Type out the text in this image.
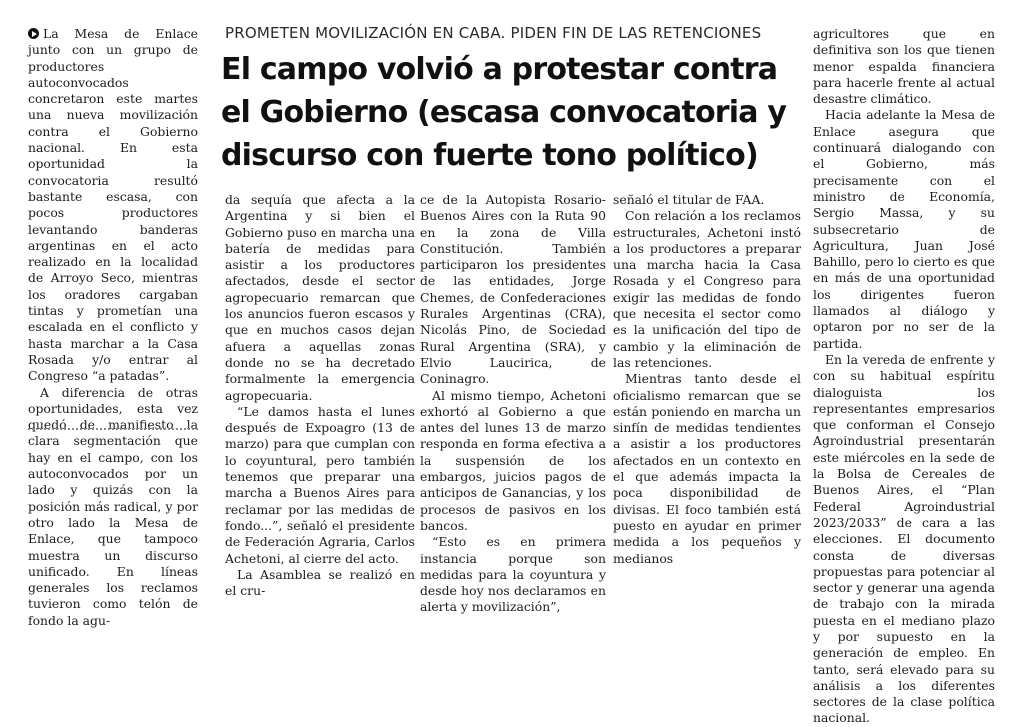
PROMETEN MOVILIZACIÓN EN CABA. PIDEN FIN DE LAS RETENCIONES
El campo volvió a protestar contra el Gobierno (escasa convocatoria y discurso con fuerte tono político)

La Mesa de Enlace junto con un grupo de productores autoconvocados concretaron este martes una nueva movilización contra el Gobierno nacional. En esta oportunidad la convocatoria resultó bastante escasa, con pocos productores levantando banderas argentinas en el acto realizado en la localidad de Arroyo Seco, mientras los oradores cargaban tintas y prometían una escalada en el conflicto y hasta marchar a la Casa Rosada y/o entrar al Congreso “a patadas”.

A diferencia de otras oportunidades, esta vez quedó de manifiesto la clara segmentación que hay en el campo, con los autoconvocados por un lado y quizás con la posición más radical, y por otro lado la Mesa de Enlace, que tampoco muestra un discurso unificado. En líneas generales los reclamos tuvieron como telón de fondo la agu-

da sequía que afecta a la Argentina y si bien el Gobierno puso en marcha una batería de medidas para asistir a los productores afectados, desde el sector agropecuario remarcan que los anuncios fueron escasos y que en muchos casos dejan afuera a aquellas zonas donde no se ha decretado formalmente la emergencia agropecuaria.

“Le damos hasta el lunes después de Expoagro (13 de marzo) para que cumplan con lo coyuntural, pero también tenemos que preparar una marcha a Buenos Aires para reclamar por las medidas de fondo...”, señaló el presidente de Federación Agraria, Carlos Achetoni, al cierre del acto.

La Asamblea se realizó en el cru-

ce de la Autopista Rosario-Buenos Aires con la Ruta 90 en la zona de Villa Constitución. También participaron los presidentes de las entidades, Jorge Chemes, de Confederaciones Rurales Argentinas (CRA), Nicolás Pino, de Sociedad Rural Argentina (SRA), y Elvio Laucirica, de Coninagro.

Al mismo tiempo, Achetoni exhortó al Gobierno a que antes del lunes 13 de marzo responda en forma efectiva a la suspensión de los embargos, juicios pagos de anticipos de Ganancias, y los procesos de pasivos en los bancos.

“Esto es en primera instancia porque son medidas para la coyuntura y desde hoy nos declaramos en alerta y movilización”,

señaló el titular de FAA.

Con relación a los reclamos estructurales, Achetoni instó a los productores a preparar una marcha hacia la Casa Rosada y el Congreso para exigir las medidas de fondo que necesita el sector como es la unificación del tipo de cambio y la eliminación de las retenciones.

Mientras tanto desde el oficialismo remarcan que se están poniendo en marcha un sinfín de medidas tendientes a asistir a los productores afectados en un contexto en el que además impacta la poca disponibilidad de divisas. El foco también está puesto en ayudar en primer medida a los pequeños y medianos

agricultores que en definitiva son los que tienen menor espalda financiera para hacerle frente al actual desastre climático.

Hacia adelante la Mesa de Enlace asegura que continuará dialogando con el Gobierno, más precisamente con el ministro de Economía, Sergio Massa, y su subsecretario de Agricultura, Juan José Bahillo, pero lo cierto es que en más de una oportunidad los dirigentes fueron llamados al diálogo y optaron por no ser de la partida.

En la vereda de enfrente y con su habitual espíritu dialoguista los representantes empresarios que conforman el Consejo Agroindustrial presentarán este miércoles en la sede de la Bolsa de Cereales de Buenos Aires, el “Plan Federal Agroindustrial 2023/2033” de cara a las elecciones. El documento consta de diversas propuestas para potenciar al sector y generar una agenda de trabajo con la mirada puesta en el mediano plazo y por supuesto en la generación de empleo. En tanto, será elevado para su análisis a los diferentes sectores de la clase política nacional.
